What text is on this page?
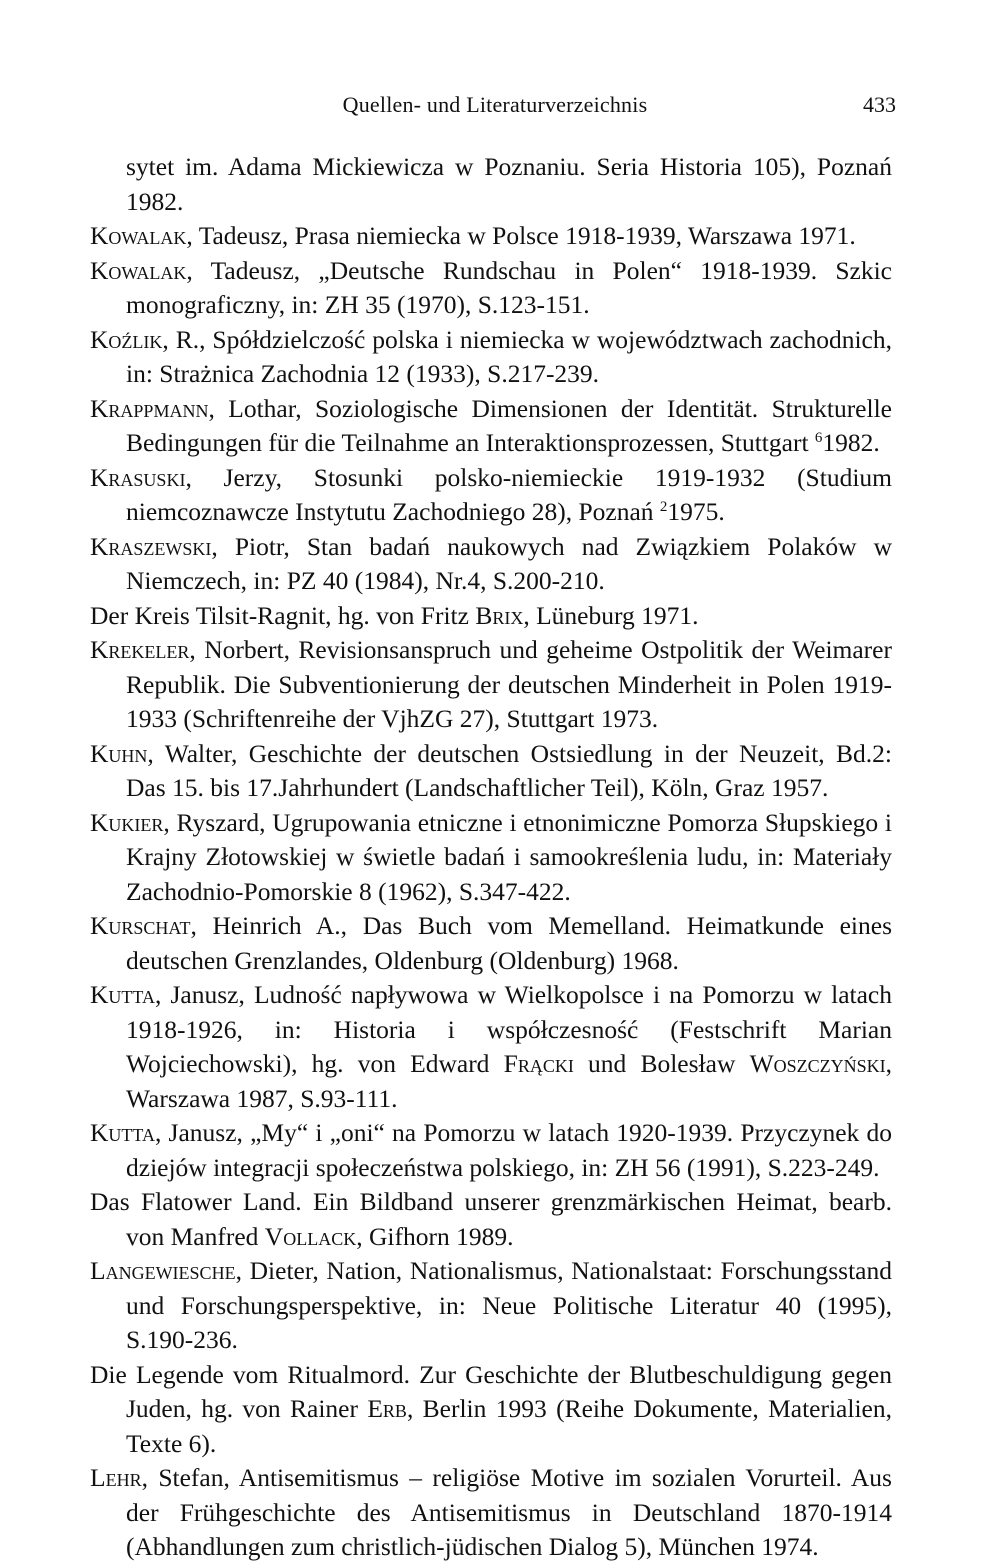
Quellen- und Literaturverzeichnis	433

sytet im. Adama Mickiewicza w Poznaniu. Seria Historia 105), Poznań 1982.

Kowalak, Tadeusz, Prasa niemiecka w Polsce 1918-1939, Warszawa 1971.

Kowalak, Tadeusz, „Deutsche Rundschau in Polen“ 1918-1939. Szkic monograficzny, in: ZH 35 (1970), S.123-151.

Koźlik, R., Spółdzielczość polska i niemiecka w województwach zachodnich, in: Strażnica Zachodnia 12 (1933), S.217-239.

Krappmann, Lothar, Soziologische Dimensionen der Identität. Strukturelle Bedingungen für die Teilnahme an Interaktionsprozessen, Stuttgart $^6$1982.

Krasuski, Jerzy, Stosunki polsko-niemieckie 1919-1932 (Studium niemcoznawcze Instytutu Zachodniego 28), Poznań $^2$1975.

Kraszewski, Piotr, Stan badań naukowych nad Związkiem Polaków w Niemczech, in: PZ 40 (1984), Nr.4, S.200-210.

Der Kreis Tilsit-Ragnit, hg. von Fritz Brix, Lüneburg 1971.

Krekeler, Norbert, Revisionsanspruch und geheime Ostpolitik der Weimarer Republik. Die Subventionierung der deutschen Minderheit in Polen 1919-1933 (Schriftenreihe der VjhZG 27), Stuttgart 1973.

Kuhn, Walter, Geschichte der deutschen Ostsiedlung in der Neuzeit, Bd.2: Das 15. bis 17.Jahrhundert (Landschaftlicher Teil), Köln, Graz 1957.

Kukier, Ryszard, Ugrupowania etniczne i etnonimiczne Pomorza Słupskiego i Krajny Złotowskiej w świetle badań i samookreślenia ludu, in: Materiały Zachodnio-Pomorskie 8 (1962), S.347-422.

Kurschat, Heinrich A., Das Buch vom Memelland. Heimatkunde eines deutschen Grenzlandes, Oldenburg (Oldenburg) 1968.

Kutta, Janusz, Ludność napływowa w Wielkopolsce i na Pomorzu w latach 1918-1926, in: Historia i współczesność (Festschrift Marian Wojciechowski), hg. von Edward Frącki und Bolesław Woszczyński, Warszawa 1987, S.93-111.

Kutta, Janusz, „My“ i „oni“ na Pomorzu w latach 1920-1939. Przyczynek do dziejów integracji społeczeństwa polskiego, in: ZH 56 (1991), S.223-249.

Das Flatower Land. Ein Bildband unserer grenzmärkischen Heimat, bearb. von Manfred Vollack, Gifhorn 1989.

Langewiesche, Dieter, Nation, Nationalismus, Nationalstaat: Forschungsstand und Forschungsperspektive, in: Neue Politische Literatur 40 (1995), S.190-236.

Die Legende vom Ritualmord. Zur Geschichte der Blutbeschuldigung gegen Juden, hg. von Rainer Erb, Berlin 1993 (Reihe Dokumente, Materialien, Texte 6).

Lehr, Stefan, Antisemitismus – religiöse Motive im sozialen Vorurteil. Aus der Frühgeschichte des Antisemitismus in Deutschland 1870-1914 (Abhandlungen zum christlich-jüdischen Dialog 5), München 1974.
